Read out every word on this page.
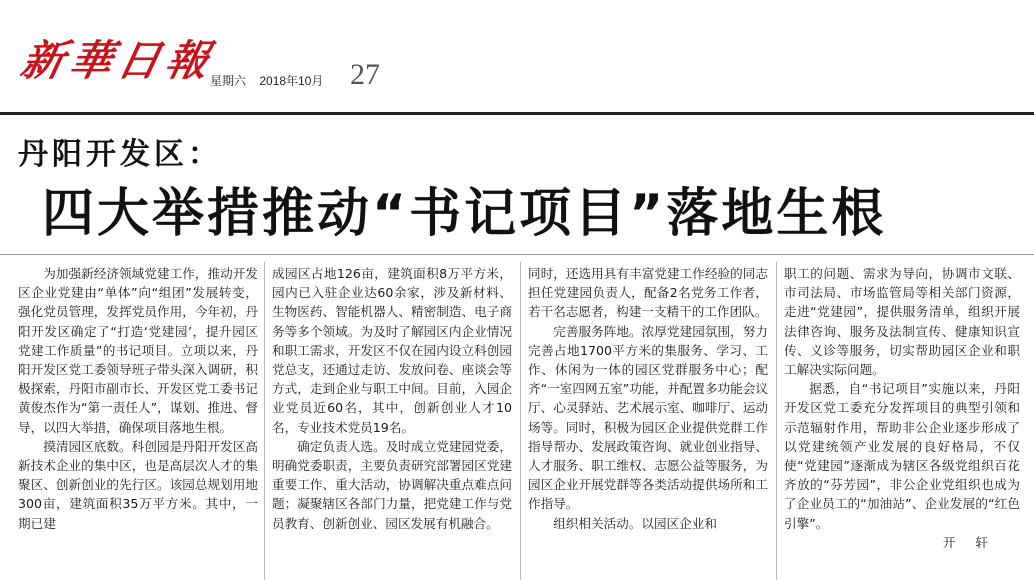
新華日報
星期六 2018年10月 27
丹阳开发区：
四大举措推动“书记项目”落地生根

为加强新经济领域党建工作，推动开发区企业党建由“单体”向“组团”发展转变，强化党员管理，发挥党员作用，今年初，丹阳开发区确定了“打造‘党建园’，提升园区党建工作质量”的书记项目。立项以来，丹阳开发区党工委领导班子带头深入调研，积极探索，丹阳市副市长、开发区党工委书记黄俊杰作为“第一责任人”，谋划、推进、督导，以四大举措，确保项目落地生根。

摸清园区底数。科创园是丹阳开发区高新技术企业的集中区，也是高层次人才的集聚区、创新创业的先行区。该园总规划用地300亩，建筑面积35万平方米。其中，一期已建

成园区占地126亩，建筑面积8万平方米，园内已入驻企业达60余家，涉及新材料、生物医药、智能机器人、精密制造、电子商务等多个领域。为及时了解园区内企业情况和职工需求，开发区不仅在园内设立科创园党总支，还通过走访、发放问卷、座谈会等方式，走到企业与职工中间。目前，入园企业党员近60名，其中，创新创业人才10名，专业技术党员19名。

确定负责人选。及时成立党建园党委，明确党委职责，主要负责研究部署园区党建重要工作、重大活动，协调解决重点难点问题；凝聚辖区各部门力量，把党建工作与党员教育、创新创业、园区发展有机融合。

同时，还选用具有丰富党建工作经验的同志担任党建园负责人，配备2名党务工作者，若干名志愿者，构建一支精干的工作团队。

完善服务阵地。浓厚党建园氛围，努力完善占地1700平方米的集服务、学习、工作、休闲为一体的园区党群服务中心；配齐“一室四网五室”功能，并配置多功能会议厅、心灵驿站、艺术展示室、咖啡厅、运动场等。同时，积极为园区企业提供党群工作指导帮办、发展政策咨询、就业创业指导、人才服务、职工维权、志愿公益等服务，为园区企业开展党群等各类活动提供场所和工作指导。

组织相关活动。以园区企业和

职工的问题、需求为导向，协调市文联、市司法局、市场监管局等相关部门资源，走进“党建园”，提供服务清单，组织开展法律咨询、服务及法制宣传、健康知识宣传、义诊等服务，切实帮助园区企业和职工解决实际问题。

据悉，自“书记项目”实施以来，丹阳开发区党工委充分发挥项目的典型引领和示范辐射作用，帮助非公企业逐步形成了以党建统领产业发展的良好格局，不仅使“党建园”逐渐成为辖区各级党组织百花齐放的“芬芳园”，非公企业党组织也成为了企业员工的“加油站”、企业发展的“红色引擎”。

开 轩
